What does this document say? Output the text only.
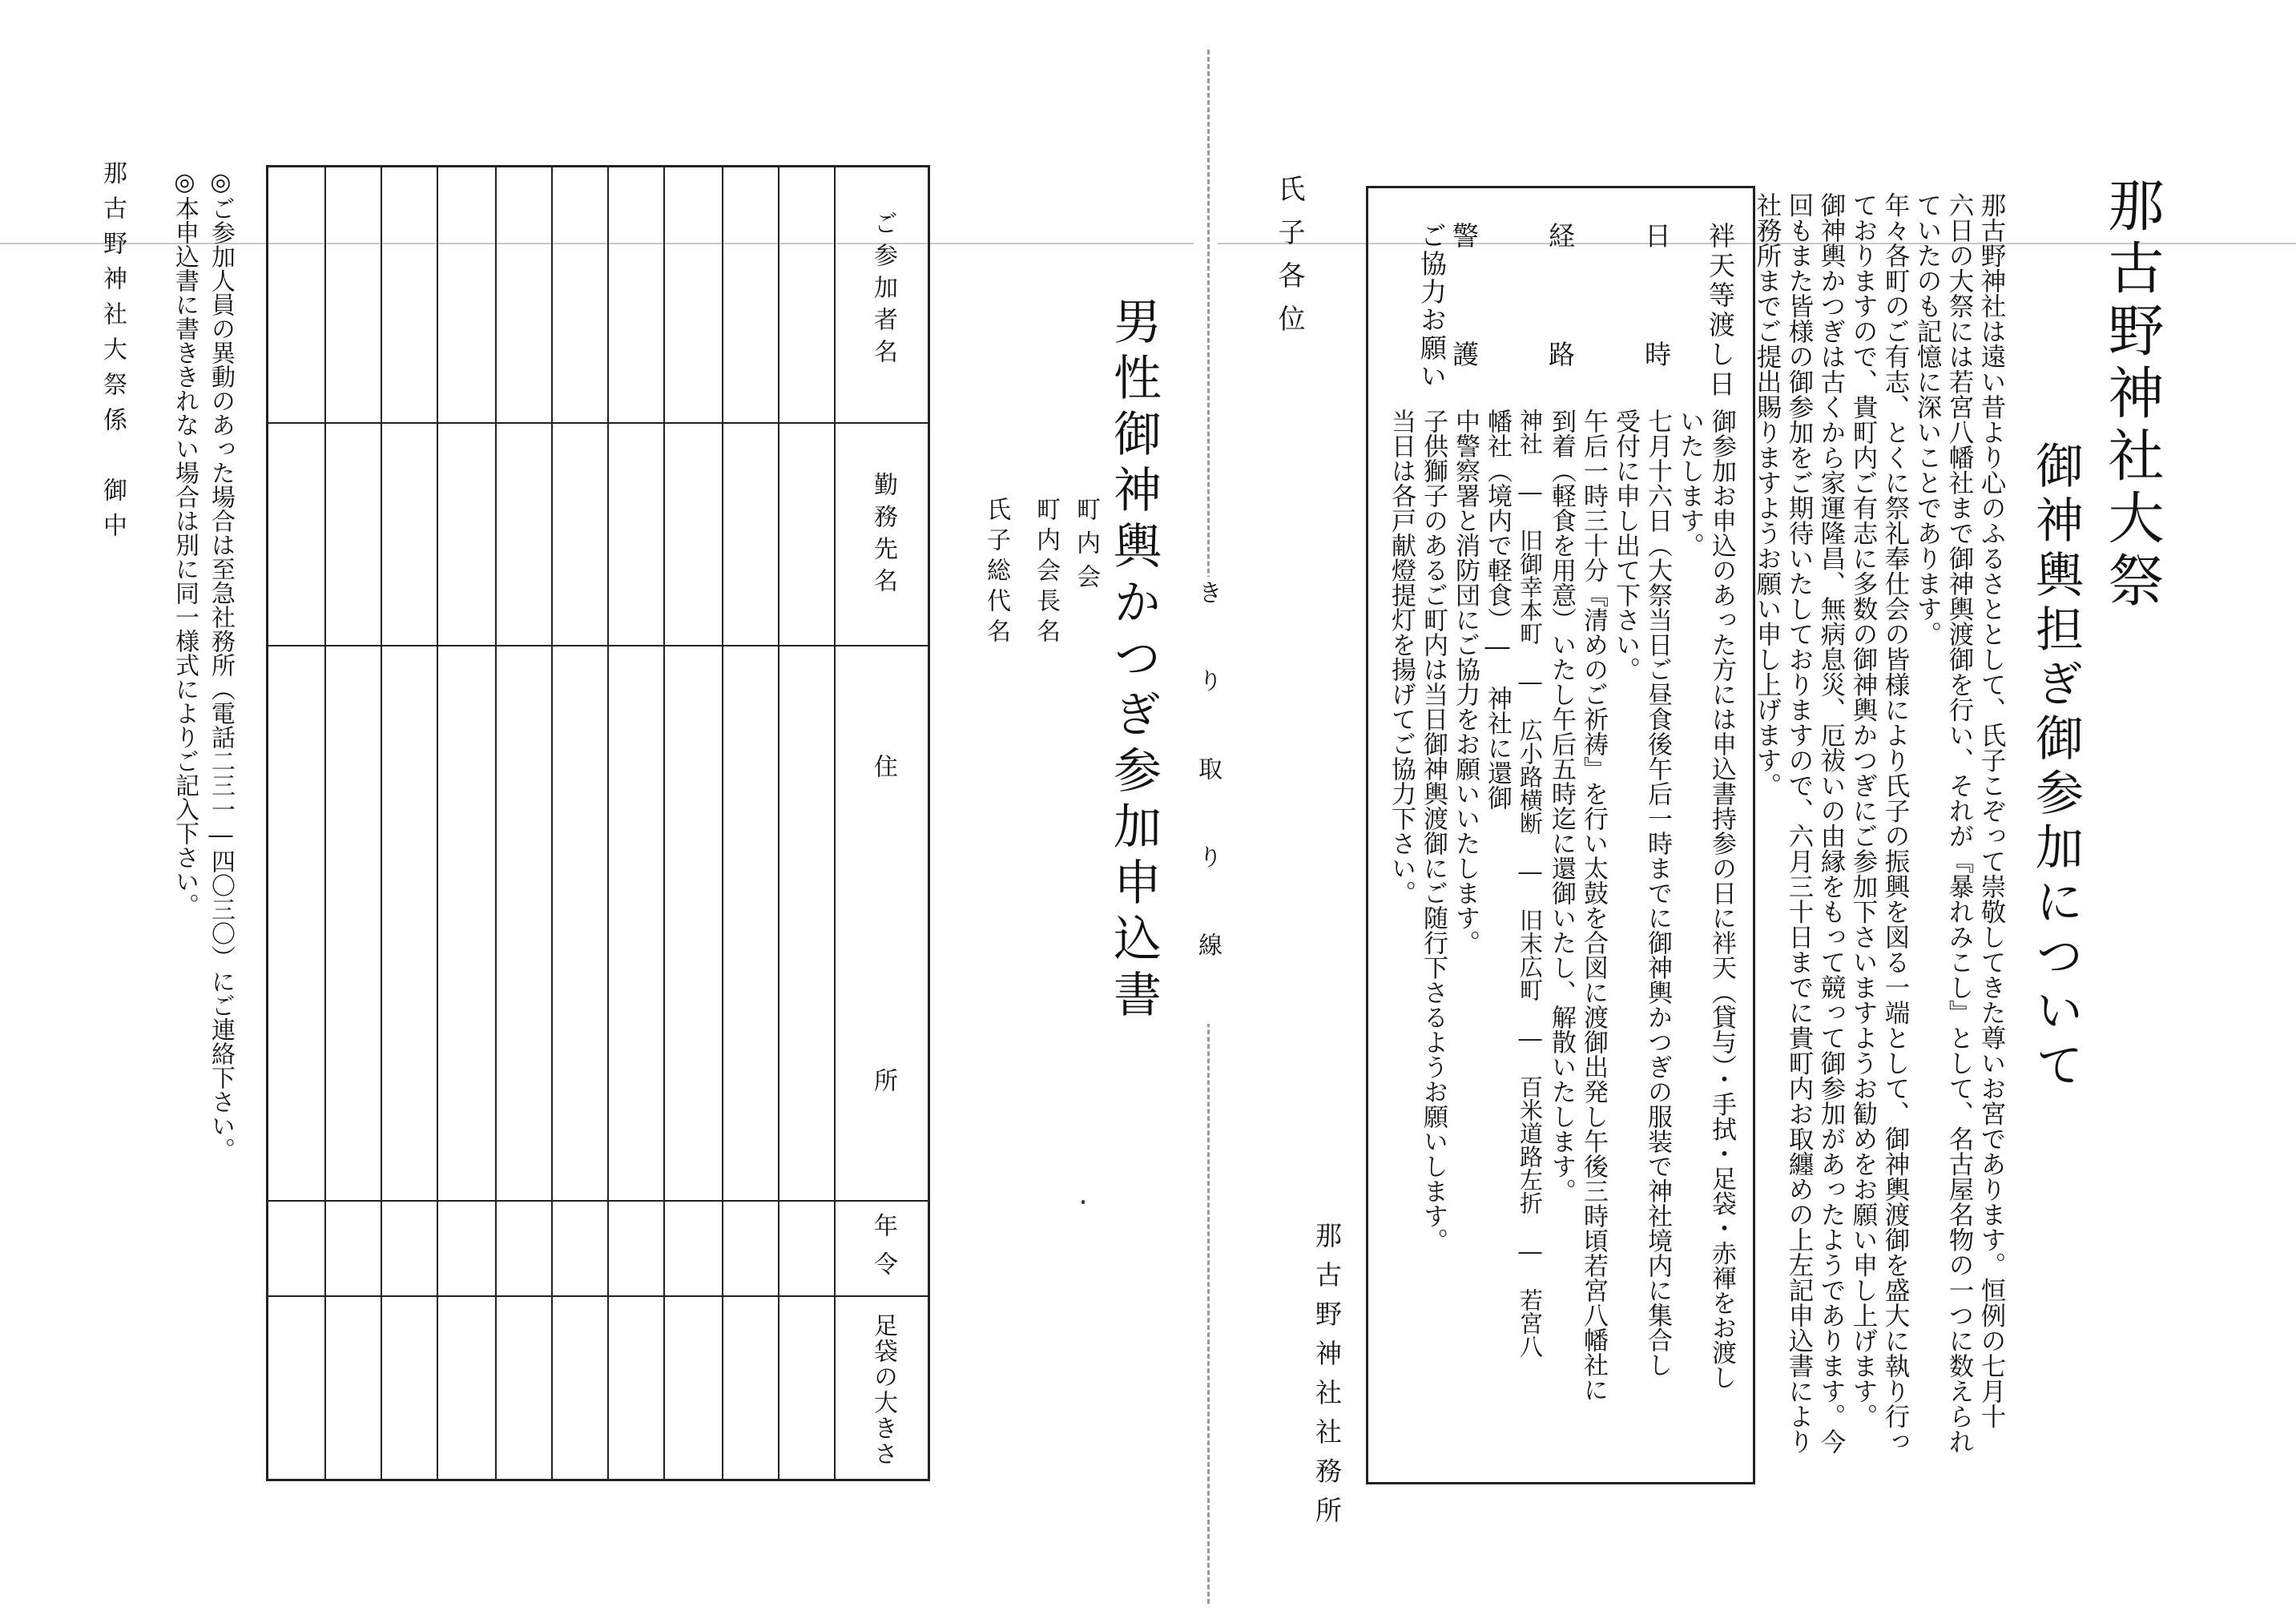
那古野神社大祭
御神輿担ぎ御参加について
那古野神社は遠い昔より心のふるさととして、氏子こぞって崇敬してきた尊いお宮であります。恒例の七月十
六日の大祭には若宮八幡社まで御神輿渡御を行い、それが『暴れみこし』として、名古屋名物の一つに数えられ
ていたのも記憶に深いことであります。
年々各町のご有志、とくに祭礼奉仕会の皆様により氏子の振興を図る一端として、御神輿渡御を盛大に執り行っ
ておりますので、貴町内ご有志に多数の御神輿かつぎにご参加下さいますようお勧めをお願い申し上げます。
御神輿かつぎは古くから家運隆昌、無病息災、厄祓いの由縁をもって競って御参加があったようであります。今
回もまた皆様の御参加をご期待いたしておりますので、六月三十日までに貴町内お取纏めの上左記申込書により
社務所までご提出賜りますようお願い申し上げます。
袢天等渡し日
日　　　時
経　　　路
警　　　護
ご協力お願い
御参加お申込のあった方には申込書持参の日に袢天（貸与）・手拭・足袋・赤褌をお渡し
いたします。
七月十六日（大祭当日ご昼食後午后一時までに御神輿かつぎの服装で神社境内に集合し
受付に申し出て下さい。
午后一時三十分『清めのご祈祷』を行い太鼓を合図に渡御出発し午後三時頃若宮八幡社に
到着（軽食を用意）いたし午后五時迄に還御いたし、解散いたします。
神社　―　旧御幸本町　―　広小路横断　―　旧末広町　―　百米道路左折　―　若宮八
幡社（境内で軽食）―　神社に還御
中警察署と消防団にご協力をお願いいたします。
子供獅子のあるご町内は当日御神輿渡御にご随行下さるようお願いします。
当日は各戸献燈提灯を揚げてご協力下さい。
氏子各位
那古野神社社務所
きり取り線
男性御神輿かつぎ参加申込書
町内会
町内会長名
氏子総代名
ご参加者名
勤務先名
住
所
年令
足袋の大きさ
◎ご参加人員の異動のあった場合は至急社務所（電話二三一―四〇三〇）にご連絡下さい。
◎本申込書に書ききれない場合は別に同一様式によりご記入下さい。
那古野神社大祭係　御中
